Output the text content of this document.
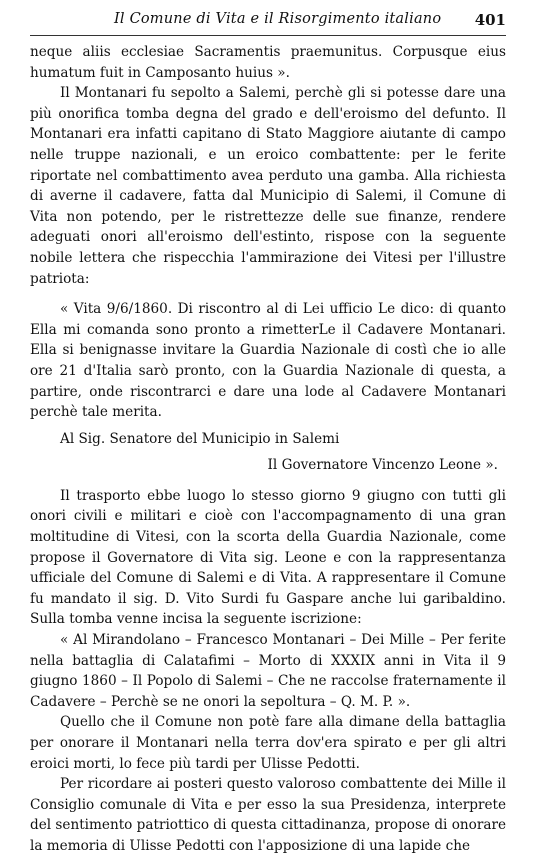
Il Comune di Vita e il Risorgimento italiano 401

neque aliis ecclesiae Sacramentis praemunitus. Corpusque eius humatum fuit in Camposanto huius ».

Il Montanari fu sepolto a Salemi, perchè gli si potesse dare una più onorifica tomba degna del grado e dell'eroismo del defunto. Il Montanari era infatti capitano di Stato Maggiore aiutante di campo nelle truppe nazionali, e un eroico combattente: per le ferite riportate nel combattimento avea perduto una gamba. Alla richiesta di averne il cadavere, fatta dal Municipio di Salemi, il Comune di Vita non potendo, per le ristrettezze delle sue finanze, rendere adeguati onori all'eroismo dell'estinto, rispose con la seguente nobile lettera che rispecchia l'ammirazione dei Vitesi per l'illustre patriota:

« Vita 9/6/1860. Di riscontro al di Lei ufficio Le dico: di quanto Ella mi comanda sono pronto a rimetterLe il Cadavere Montanari. Ella si benignasse invitare la Guardia Nazionale di costì che io alle ore 21 d'Italia sarò pronto, con la Guardia Nazionale di questa, a partire, onde riscontrarci e dare una lode al Cadavere Montanari perchè tale merita.

Al Sig. Senatore del Municipio in Salemi

Il Governatore Vincenzo Leone ».

Il trasporto ebbe luogo lo stesso giorno 9 giugno con tutti gli onori civili e militari e cioè con l'accompagnamento di una gran moltitudine di Vitesi, con la scorta della Guardia Nazionale, come propose il Governatore di Vita sig. Leone e con la rappresentanza ufficiale del Comune di Salemi e di Vita. A rappresentare il Comune fu mandato il sig. D. Vito Surdi fu Gaspare anche lui garibaldino. Sulla tomba venne incisa la seguente iscrizione:

« Al Mirandolano – Francesco Montanari – Dei Mille – Per ferite nella battaglia di Calatafimi – Morto di XXXIX anni in Vita il 9 giugno 1860 – Il Popolo di Salemi – Che ne raccolse fraternamente il Cadavere – Perchè se ne onori la sepoltura – Q. M. P. ».

Quello che il Comune non potè fare alla dimane della battaglia per onorare il Montanari nella terra dov'era spirato e per gli altri eroici morti, lo fece più tardi per Ulisse Pedotti.

Per ricordare ai posteri questo valoroso combattente dei Mille il Consiglio comunale di Vita e per esso la sua Presidenza, interprete del sentimento patriottico di questa cittadinanza, propose di onorare la memoria di Ulisse Pedotti con l'apposizione di una lapide che
